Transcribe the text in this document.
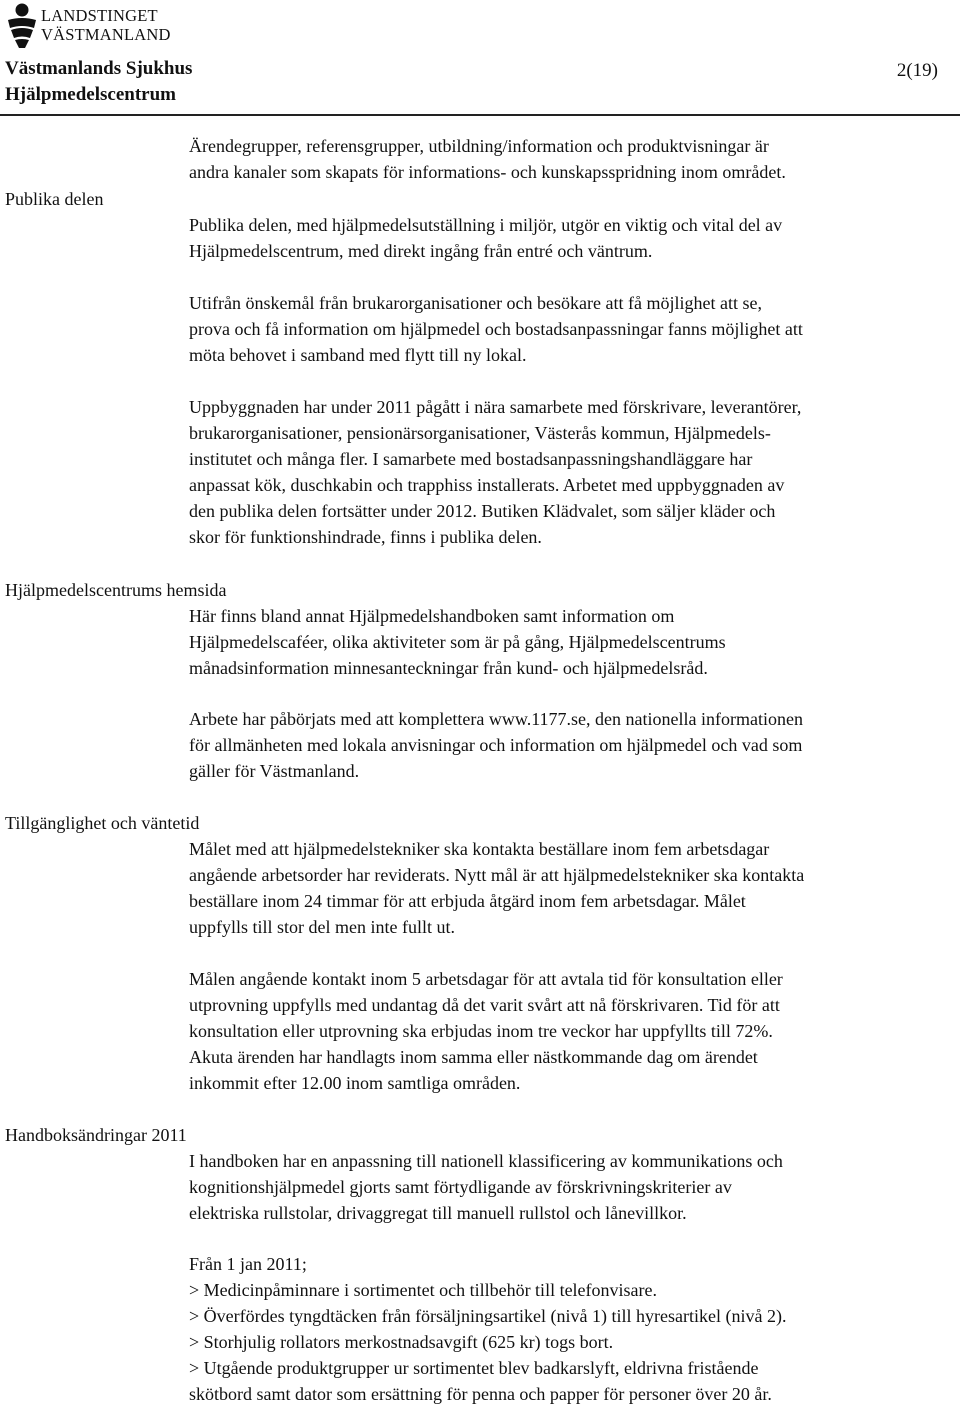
LANDSTINGET
VÄSTMANLAND
Västmanlands Sjukhus
Hjälpmedelscentrum
2(19)
Publika delen
Ärendegrupper, referensgrupper, utbildning/information och produktvisningar är
andra kanaler som skapats för informations- och kunskapsspridning inom området.
Publika delen, med hjälpmedelsutställning i miljör, utgör en viktig och vital del av
Hjälpmedelscentrum, med direkt ingång från entré och väntrum.
Utifrån önskemål från brukarorganisationer och besökare att få möjlighet att se,
prova och få information om hjälpmedel och bostadsanpassningar fanns möjlighet att
möta behovet i samband med flytt till ny lokal.
Uppbyggnaden har under 2011 pågått i nära samarbete med förskrivare, leverantörer,
brukarorganisationer, pensionärsorganisationer, Västerås kommun, Hjälpmedels-
institutet och många fler. I samarbete med bostadsanpassningshandläggare har
anpassat kök, duschkabin och trapphiss installerats. Arbetet med uppbyggnaden av
den publika delen fortsätter under 2012. Butiken Klädvalet, som säljer kläder och
skor för funktionshindrade, finns i publika delen.
Hjälpmedelscentrums hemsida
Här finns bland annat Hjälpmedelshandboken samt information om
Hjälpmedelscaféer, olika aktiviteter som är på gång, Hjälpmedelscentrums
månadsinformation minnesanteckningar från kund- och hjälpmedelsråd.
Arbete har påbörjats med att komplettera www.1177.se, den nationella informationen
för allmänheten med lokala anvisningar och information om hjälpmedel och vad som
gäller för Västmanland.
Tillgänglighet och väntetid
Målet med att hjälpmedelstekniker ska kontakta beställare inom fem arbetsdagar
angående arbetsorder har reviderats. Nytt mål är att hjälpmedelstekniker ska kontakta
beställare inom 24 timmar för att erbjuda åtgärd inom fem arbetsdagar. Målet
uppfylls till stor del men inte fullt ut.
Målen angående kontakt inom 5 arbetsdagar för att avtala tid för konsultation eller
utprovning uppfylls med undantag då det varit svårt att nå förskrivaren. Tid för att
konsultation eller utprovning ska erbjudas inom tre veckor har uppfyllts till 72%.
Akuta ärenden har handlagts inom samma eller nästkommande dag om ärendet
inkommit efter 12.00 inom samtliga områden.
Handboksändringar 2011
I handboken har en anpassning till nationell klassificering av kommunikations och
kognitionshjälpmedel gjorts samt förtydligande av förskrivningskriterier av
elektriska rullstolar, drivaggregat till manuell rullstol och lånevillkor.
Från 1 jan 2011;
> Medicinpåminnare i sortimentet och tillbehör till telefonvisare.
> Överfördes tyngdtäcken från försäljningsartikel (nivå 1) till hyresartikel (nivå 2).
> Storhjulig rollators merkostnadsavgift (625 kr) togs bort.
> Utgående produktgrupper ur sortimentet blev badkarslyft, eldrivna fristående
skötbord samt dator som ersättning för penna och papper för personer över 20 år.
